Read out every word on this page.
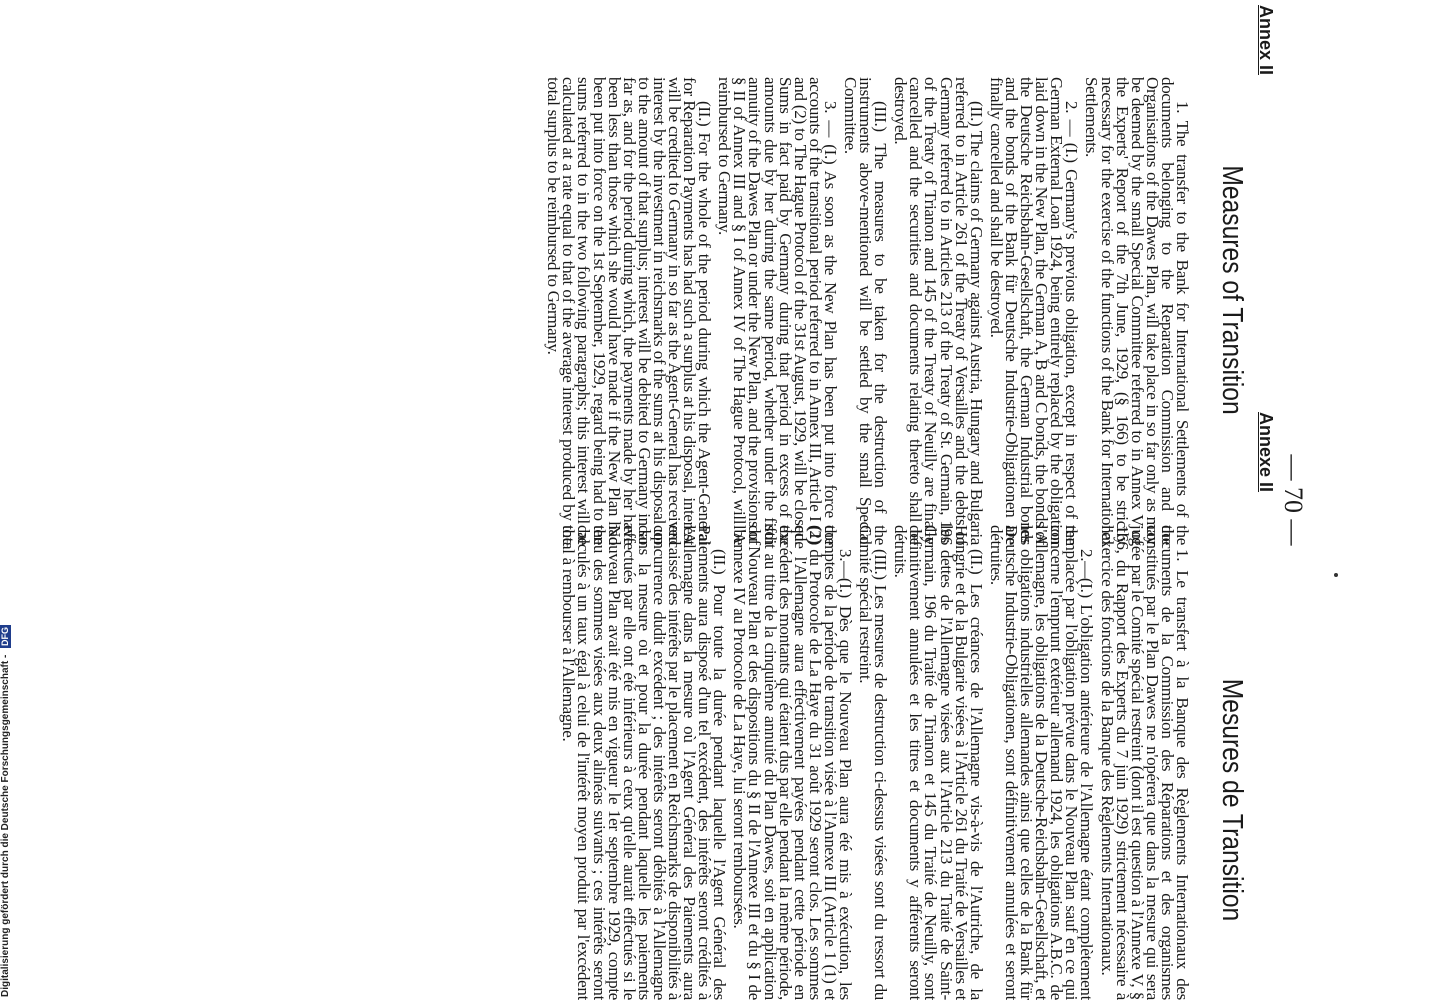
— 70 —
Annexe II
Annex II
Mesures de Transition
Measures of Transition

1. Le transfert à la Banque des Règlements Internationaux des documents de la Commission des Réparations et des organismes constitués par le Plan Dawes ne n'opérera que dans la mesure qui sera jugée par le Comité spécial restreint (dont il est question à l'Annexe V, § 166, du Rapport des Experts du 7 juin 1929) strictement nécessaire à l'exercice des fonctions de la Banque des Règlements Internationaux.

2.—(I.) L'obligation antérieure de l'Allemagne étant complètement remplacée par l'obligation prévue dans le Nouveau Plan sauf en ce qui concerne l'emprunt extérieur allemand 1924, les obligations A.B.C. de l'Allemagne, les obligations de la Deutsche-Reichsbahn-Gesellschaft, et les obligations industrielles allemandes ainsi que celles de la Bank für Deutsche Industrie-Obligationen, sont définitivement annulées et seront détruites.

(II.) Les créances de l'Allemagne vis-à-vis de l'Autriche, de la Hongrie et de la Bulgarie visées à l'Article 261 du Traité de Versailles et les dettes de l'Allemagne visées aux l'Article 213 du Traité de Saint-Germain, 196 du Traité de Trianon et 145 du Traité de Neuilly, sont définitivement annulées et les titres et documents y afférents seront détruits.

(III.) Les mesures de destruction ci-dessus visées sont du ressort du Comité spécial restreint.

3.—(I.) Dès que le Nouveau Plan aura été mis à exécution, les comptes de la période de transition visée à l'Annexe III (Article 1 (1) et (2) du Protocole de La Haye du 31 août 1929 seront clos. Les sommes que l'Allemagne aura effectivement payées pendant cette période en excédent des montants qui étaient dus par elle pendant la même période, soit au titre de la cinquième annuité du Plan Dawes, soit en application du Nouveau Plan et des dispositions du § II de l'Annexe III et du § I de l'Annexe IV au Protocole de La Haye, lui seront remboursées.

(II.) Pour toute la durée pendant laquelle l'Agent Général des Paiements aura disposé d'un tel excédent, des intérêts seront crédités à l'Allemagne dans la mesure où l'Agent Général des Paiements aura encaissé des intérêts par le placement en Reichsmarks de disponibilités à concurrence dudit excédent ; des intérêts seront débités à l'Allemagne dans la mesure où et pour la durée pendant laquelle les paiements effectués par elle ont été inférieurs à ceux qu'elle aurait effectués si le Nouveau Plan avait été mis en vigueur le 1er septembre 1929, compte tenu des sommes visées aux deux alinéas suivants ; ces intérêts seront calculés à un taux égal à celui de l'intérêt moyen produit par l'excédent total à rembourser à l'Allemagne.

1. The transfer to the Bank for International Settlements of the documents belonging to the Reparation Commission and the Organisations of the Dawes Plan, will take place in so far only as may be deemed by the small Special Committee referred to in Annex V of the Experts' Report of the 7th June, 1929, (§ 166) to be strictly necessary for the exercise of the functions of the Bank for International Settlements.

2. — (I.) Germany's previous obligation, except in respect of the German External Loan 1924, being entirely replaced by the obligation laid down in the New Plan, the German A, B and C bonds, the bonds of the Deutsche Reichsbahn-Gesellschaft, the German Industrial bonds and the bonds of the Bank für Deutsche Industrie-Obligationen are finally cancelled and shall be destroyed.

(II.) The claims of Germany against Austria, Hungary and Bulgaria referred to in Article 261 of the Treaty of Versailles and the debts of Germany referred to in Articles 213 of the Treaty of St. Germain, 196 of the Treaty of Trianon and 145 of the Treaty of Neuilly are finally cancelled and the securities and documents relating thereto shall be destroyed.

(III.) The measures to be taken for the destruction of the instruments above-mentioned will be settled by the small Special Committee.

3. — (I.) As soon as the New Plan has been put into force the accounts of the transitional period referred to in Annex III, Article I (1) and (2) to The Hague Protocol of the 31st August, 1929, will be closed. Sums in fact paid by Germany during that period in excess of the amounts due by her during the same period, whether under the fifth annuity of the Dawes Plan or under the New Plan, and the provisions of § II of Annex III and § I of Annex IV of The Hague Protocol, will be reimbursed to Germany.

(II.) For the whole of the period during which the Agent-General for Reparation Payments has had such a surplus at his disposal, interest will be credited to Germany in so far as the Agent-General has received interest by the investment in reichsmarks of the sums at his disposal up to the amount of that surplus; interest will be debited to Germany in so far as, and for the period during which, the payments made by her have been less than those which she would have made if the New Plan had been put into force on the 1st September, 1929, regard being had to the sums referred to in the two following paragraphs; this interest will be calculated at a rate equal to that of the average interest produced by the total surplus to be reimbursed to Germany.

Digitalisierung gefördert durch die Deutsche Forschungsgemeinschaft - DFG
